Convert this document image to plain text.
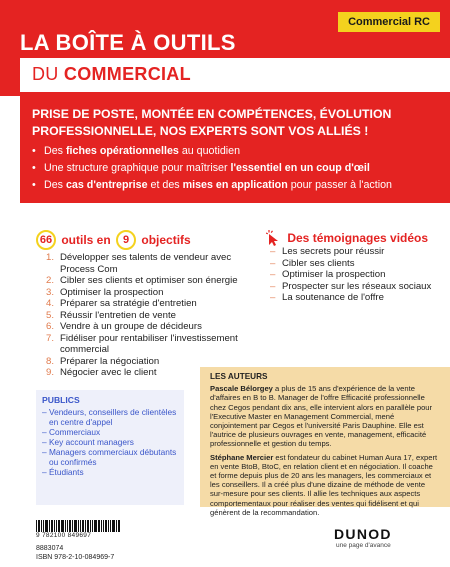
Commercial RC
LA BOÎTE À OUTILS
DU COMMERCIAL
PRISE DE POSTE, MONTÉE EN COMPÉTENCES, ÉVOLUTION PROFESSIONNELLE, NOS EXPERTS SONT VOS ALLIÉS !
• Des fiches opérationnelles au quotidien
• Une structure graphique pour maîtriser l'essentiel en un coup d'œil
• Des cas d'entreprise et des mises en application pour passer à l'action
66 outils en 9 objectifs
1. Développer ses talents de vendeur avec Process Com
2. Cibler ses clients et optimiser son énergie
3. Optimiser la prospection
4. Préparer sa stratégie d'entretien
5. Réussir l'entretien de vente
6. Vendre à un groupe de décideurs
7. Fidéliser pour rentabiliser l'investissement commercial
8. Préparer la négociation
9. Négocier avec le client
Des témoignages vidéos
– Les secrets pour réussir
– Cibler ses clients
– Optimiser la prospection
– Prospecter sur les réseaux sociaux
– La soutenance de l'offre
PUBLICS
– Vendeurs, conseillers de clientèles en centre d'appel
– Commerciaux
– Key account managers
– Managers commerciaux débutants ou confirmés
– Étudiants
LES AUTEURS

Pascale Bélorgey a plus de 15 ans d'expérience de la vente d'affaires en B to B. Manager de l'offre Efficacité professionnelle chez Cegos pendant dix ans, elle intervient alors en parallèle pour l'Executive Master en Management Commercial, mené conjointement par Cegos et l'université Paris Dauphine. Elle est l'autrice de plusieurs ouvrages en vente, management, efficacité professionnelle et gestion du temps.

Stéphane Mercier est fondateur du cabinet Human Aura 17, expert en vente BtoB, BtoC, en relation client et en négociation. Il coache et forme depuis plus de 20 ans les managers, les commerciaux et les conseillers. Il a créé plus d'une dizaine de méthode de vente sur-mesure pour ses clients. Il allie les techniques aux aspects comportementaux pour réaliser des ventes qui fidélisent et qui génèrent de la recommandation.

9 782100 849697
8883074
ISBN 978-2-10-084969-7
DUNOD
une page d'avance
